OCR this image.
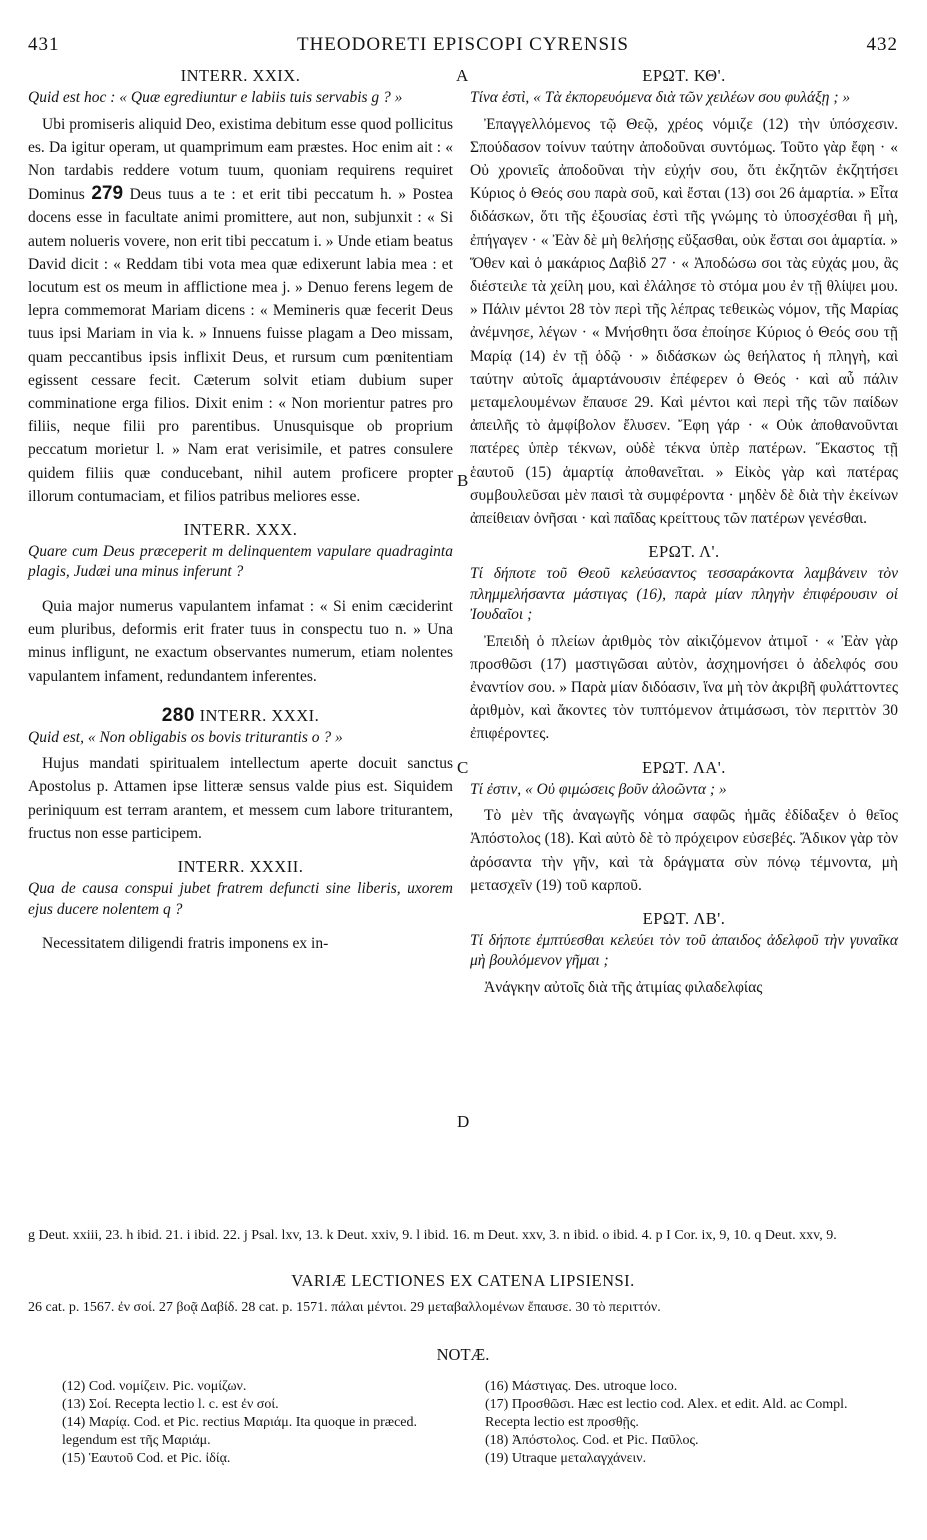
431	THEODORETI EPISCOPI CYRENSIS	432
A
B
C
D
INTERR. XXIX.
Quid est hoc : « Quæ egrediuntur e labiis tuis servabis g ? »

Ubi promiseris aliquid Deo, existima debitum esse quod pollicitus es. Da igitur operam, ut quamprimum eam præstes. Hoc enim ait : « Non tardabis reddere votum tuum, quoniam requirens requiret Dominus 279 Deus tuus a te : et erit tibi peccatum h. » Postea docens esse in facultate animi promittere, aut non, subjunxit : « Si autem nolueris vovere, non erit tibi peccatum i. » Unde etiam beatus David dicit : « Reddam tibi vota mea quæ edixerunt labia mea : et locutum est os meum in afflictione mea j. » Denuo ferens legem de lepra commemorat Mariam dicens : « Memineris quæ fecerit Deus tuus ipsi Mariam in via k. » Innuens fuisse plagam a Deo missam, quam peccantibus ipsis inflixit Deus, et rursum cum pœnitentiam egissent cessare fecit. Cæterum solvit etiam dubium super comminatione erga filios. Dixit enim : « Non morientur patres pro filiis, neque filii pro parentibus. Unusquisque ob proprium peccatum morietur l. » Nam erat verisimile, et patres consulere quidem filiis quæ conducebant, nihil autem proficere propter illorum contumaciam, et filios patribus meliores esse.

INTERR. XXX.
Quare cum Deus præceperit m delinquentem vapulare quadraginta plagis, Judæi una minus inferunt ?

Quia major numerus vapulantem infamat : « Si enim cæciderint eum pluribus, deformis erit frater tuus in conspectu tuo n. » Una minus infligunt, ne exactum observantes numerum, etiam nolentes vapulantem infament, redundantem inferentes.

280 INTERR. XXXI.
Quid est, « Non obligabis os bovis triturantis o ? »

Hujus mandati spiritualem intellectum aperte docuit sanctus Apostolus p. Attamen ipse litteræ sensus valde pius est. Siquidem periniquum est terram arantem, et messem cum labore triturantem, fructus non esse participem.

INTERR. XXXII.
Qua de causa conspui jubet fratrem defuncti sine liberis, uxorem ejus ducere nolentem q ?

Necessitatem diligendi fratris imponens ex in-

ΕΡΩΤ. ΚΘ'.
Τίνα ἐστὶ, « Τὰ ἐκπορευόμενα διὰ τῶν χειλέων σου φυλάξῃ ; »

Ἐπαγγελλόμενος τῷ Θεῷ, χρέος νόμιζε (12) τὴν ὑπόσχεσιν. Σπούδασον τοίνυν ταύτην ἀποδοῦναι συντόμως. Τοῦτο γὰρ ἔφη · « Οὐ χρονιεῖς ἀποδοῦναι τὴν εὐχήν σου, ὅτι ἐκζητῶν ἐκζητήσει Κύριος ὁ Θεός σου παρὰ σοῦ, καὶ ἔσται (13) σοι 26 ἁμαρτία. » Εἶτα διδάσκων, ὅτι τῆς ἐξουσίας ἐστὶ τῆς γνώμης τὸ ὑποσχέσθαι ἢ μὴ, ἐπήγαγεν · « Ἐὰν δὲ μὴ θελήσῃς εὔξασθαι, οὐκ ἔσται σοι ἁμαρτία. » Ὅθεν καὶ ὁ μακάριος Δαβὶδ 27 · « Ἀποδώσω σοι τὰς εὐχάς μου, ἃς διέστειλε τὰ χείλη μου, καὶ ἐλάλησε τὸ στόμα μου ἐν τῇ θλίψει μου. » Πάλιν μέντοι 28 τὸν περὶ τῆς λέπρας τεθεικὼς νόμον, τῆς Μαρίας ἀνέμνησε, λέγων · « Μνήσθητι ὅσα ἐποίησε Κύριος ὁ Θεός σου τῇ Μαρίᾳ (14) ἐν τῇ ὁδῷ · » διδάσκων ὡς θεήλατος ἡ πληγὴ, καὶ ταύτην αὐτοῖς ἁμαρτάνουσιν ἐπέφερεν ὁ Θεός · καὶ αὖ πάλιν μεταμελουμένων ἔπαυσε 29. Καὶ μέντοι καὶ περὶ τῆς τῶν παίδων ἀπειλῆς τὸ ἀμφίβολον ἔλυσεν. Ἔφη γάρ · « Οὐκ ἀποθανοῦνται πατέρες ὑπὲρ τέκνων, οὐδὲ τέκνα ὑπὲρ πατέρων. Ἕκαστος τῇ ἑαυτοῦ (15) ἁμαρτίᾳ ἀποθανεῖται. » Εἰκὸς γὰρ καὶ πατέρας συμβουλεῦσαι μὲν παισὶ τὰ συμφέροντα · μηδὲν δὲ διὰ τὴν ἐκείνων ἀπείθειαν ὀνῆσαι · καὶ παῖδας κρείττους τῶν πατέρων γενέσθαι.

ΕΡΩΤ. Λ'.
Τί δήποτε τοῦ Θεοῦ κελεύσαντος τεσσαράκοντα λαμβάνειν τὸν πλημμελήσαντα μάστιγας (16), παρὰ μίαν πληγὴν ἐπιφέρουσιν οἱ Ἰουδαῖοι ;

Ἐπειδὴ ὁ πλείων ἀριθμὸς τὸν αἰκιζόμενον ἀτιμοῖ · « Ἐὰν γὰρ προσθῶσι (17) μαστιγῶσαι αὐτὸν, ἀσχημονήσει ὁ ἀδελφός σου ἐναντίον σου. » Παρὰ μίαν διδόασιν, ἵνα μὴ τὸν ἀκριβῆ φυλάττοντες ἀριθμὸν, καὶ ἄκοντες τὸν τυπτόμενον ἀτιμάσωσι, τὸν περιττὸν 30 ἐπιφέροντες.

ΕΡΩΤ. ΛΑ'.
Τί ἐστιν, « Οὐ φιμώσεις βοῦν ἀλοῶντα ; »

Τὸ μὲν τῆς ἀναγωγῆς νόημα σαφῶς ἡμᾶς ἐδίδαξεν ὁ θεῖος Ἀπόστολος (18). Καὶ αὐτὸ δὲ τὸ πρόχειρον εὐσεβές. Ἄδικον γὰρ τὸν ἀρόσαντα τὴν γῆν, καὶ τὰ δράγματα σὺν πόνῳ τέμνοντα, μὴ μετασχεῖν (19) τοῦ καρποῦ.

ΕΡΩΤ. ΛΒ'.
Τί δήποτε ἐμπτύεσθαι κελεύει τὸν τοῦ ἀπαιδος ἀδελφοῦ τὴν γυναῖκα μὴ βουλόμενον γῆμαι ;

Ἀνάγκην αὐτοῖς διὰ τῆς ἀτιμίας φιλαδελφίας

g Deut. xxiii, 23. h ibid. 21. i ibid. 22. j Psal. lxv, 13. k Deut. xxiv, 9. l ibid. 16. m Deut. xxv, 3. n ibid. o ibid. 4. p I Cor. ix, 9, 10. q Deut. xxv, 9.
VARIÆ LECTIONES EX CATENA LIPSIENSI.
26 cat. p. 1567. ἐν σοί. 27 βοᾷ Δαβίδ. 28 cat. p. 1571. πάλαι μέντοι. 29 μεταβαλλομένων ἔπαυσε. 30 τὸ περιττόν.
NOTÆ.
(12) Cod. νομίζειν. Pic. νομίζων.
(13) Σοί. Recepta lectio l. c. est ἐν σοί.
(14) Μαρίᾳ. Cod. et Pic. rectius Μαριάμ. Ita quoque in præced. legendum est τῆς Μαριάμ.
(15) Ἑαυτοῦ Cod. et Pic. ἰδίᾳ.
(16) Μάστιγας. Des. utroque loco.
(17) Προσθῶσι. Hæc est lectio cod. Alex. et edit. Ald. ac Compl. Recepta lectio est προσθῇς.
(18) Ἀπόστολος. Cod. et Pic. Παῦλος.
(19) Utraque μεταλαγχάνειν.
